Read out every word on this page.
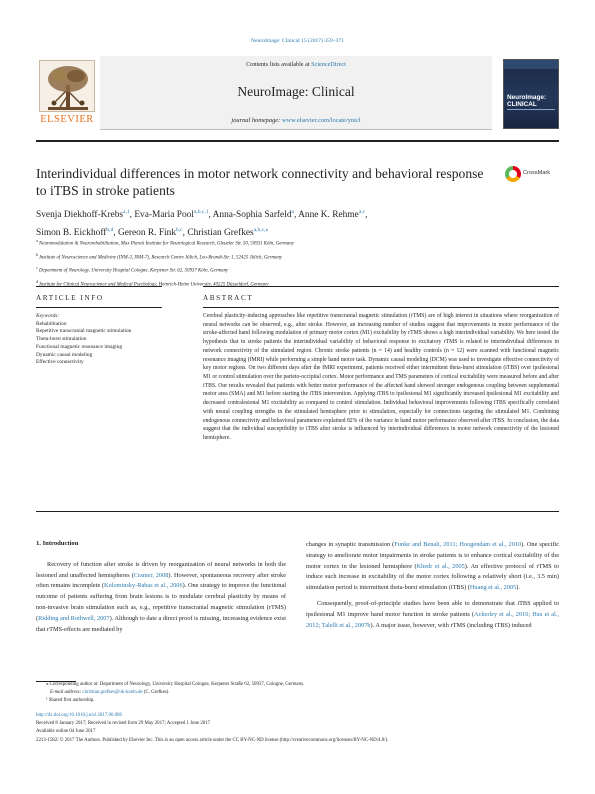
NeuroImage: Clinical 15 (2017) 359–371
ELSEVIER
Contents lists available at ScienceDirect
NeuroImage: Clinical
journal homepage: www.elsevier.com/locate/ynicl
NeuroImage: CLINICAL
Interindividual differences in motor network connectivity and behavioral response to iTBS in stroke patients
CrossMark
Svenja Diekhoff-Krebs$^{a,1}$, Eva-Maria Pool$^{a,b,c,1}$, Anna-Sophia Sarfeld$^a$, Anne K. Rehme$^{a,c}$,
Simon B. Eickhoff$^{b,d}$, Gereon R. Fink$^{b,c}$, Christian Grefkes$^{a,b,c,⁎}$
$^a$ Neuromodulation & Neurorehabilitation, Max Planck Institute for Neurological Research, Gleueler Str. 50, 50931 Köln, Germany
$^b$ Institute of Neuroscience and Medicine (INM-3, INM-7), Research Centre Jülich, Leo-Brandt-Str. 1, 52425 Jülich, Germany
$^c$ Department of Neurology, University Hospital Cologne, Kerpener Str. 62, 50937 Köln, Germany
$^d$ Institute for Clinical Neuroscience and Medical Psychology, Heinrich-Heine University, 40225 Düsseldorf, Germany
ARTICLE INFO	ABSTRACT
Keywords:
Rehabilitation
Repetitive transcranial magnetic stimulation
Theta-burst stimulation
Functional magnetic resonance imaging
Dynamic causal modeling
Effective connectivity
Cerebral plasticity-inducing approaches like repetitive transcranial magnetic stimulation (rTMS) are of high interest in situations where reorganization of neural networks can be observed, e.g., after stroke. However, an increasing number of studies suggest that improvements in motor performance of the stroke-affected hand following modulation of primary motor cortex (M1) excitability by rTMS shows a high interindividual variability. We here tested the hypothesis that in stroke patients the interindividual variability of behavioral response to excitatory rTMS is related to interindividual differences in network connectivity of the stimulated region. Chronic stroke patients (n = 14) and healthy controls (n = 12) were scanned with functional magnetic resonance imaging (fMRI) while performing a simple hand motor task. Dynamic causal modeling (DCM) was used to investigate effective connectivity of key motor regions. On two different days after the fMRI experiment, patients received either intermittent theta-burst stimulation (iTBS) over ipsilesional M1 or control stimulation over the parieto-occipital cortex. Motor performance and TMS parameters of cortical excitability were measured before and after iTBS. Our results revealed that patients with better motor performance of the affected hand showed stronger endogenous coupling between supplemental motor area (SMA) and M1 before starting the iTBS intervention. Applying iTBS to ipsilesional M1 significantly increased ipsilesional M1 excitability and decreased contralesional M1 excitability as compared to control stimulation. Individual behavioral improvements following iTBS specifically correlated with neural coupling strengths in the stimulated hemisphere prior to stimulation, especially for connections targeting the stimulated M1. Combining endogenous connectivity and behavioral parameters explained 82% of the variance in hand motor performance observed after iTBS. In conclusion, the data suggest that the individual susceptibility to iTBS after stroke is influenced by interindividual differences in motor network connectivity of the lesioned hemisphere.
1. Introduction

Recovery of function after stroke is driven by reorganization of neural networks in both the lesioned and unaffected hemispheres (Cramer, 2008). However, spontaneous recovery after stroke often remains incomplete (Kolominsky-Rabas et al., 2006). One strategy to improve the functional outcome of patients suffering from brain lesions is to modulate cerebral plasticity by means of non-invasive brain stimulation such as, e.g., repetitive transcranial magnetic stimulation (rTMS) (Ridding and Rothwell, 2007). Although to date a direct proof is missing, increasing evidence exist that rTMS-effects are mediated by

changes in synaptic transmission (Funke and Benali, 2011; Hoogendam et al., 2010). One specific strategy to ameliorate motor impairments in stroke patients is to enhance cortical excitability of the motor cortex in the lesioned hemisphere (Khedr et al., 2005). An effective protocol of rTMS to induce such increase in excitability of the motor cortex following a relatively short (i.e., 3.5 min) stimulation period is intermittent theta-burst stimulation (iTBS) (Huang et al., 2005).

Consequently, proof-of-principle studies have been able to demonstrate that iTBS applied to ipsilesional M1 improve hand motor function in stroke patients (Ackerley et al., 2010; Hsu et al., 2012; Talelli et al., 2007b). A major issue, however, with rTMS (including iTBS) induced

⁎ Corresponding author at: Department of Neurology, University Hospital Cologne, Kerpener Straße 62, 50937, Cologne, Germany.
E-mail address: christian.grefkes@uk-koeln.de (C. Grefkes).
¹ Shared first authorship.
http://dx.doi.org/10.1016/j.nicl.2017.06.006
Received 8 January 2017; Received in revised form 29 May 2017; Accepted 1 June 2017
Available online 04 June 2017
2213-1582/ © 2017 The Authors. Published by Elsevier Inc. This is an open access article under the CC BY-NC-ND license (http://creativecommons.org/licenses/BY-NC-ND/4.0/).
